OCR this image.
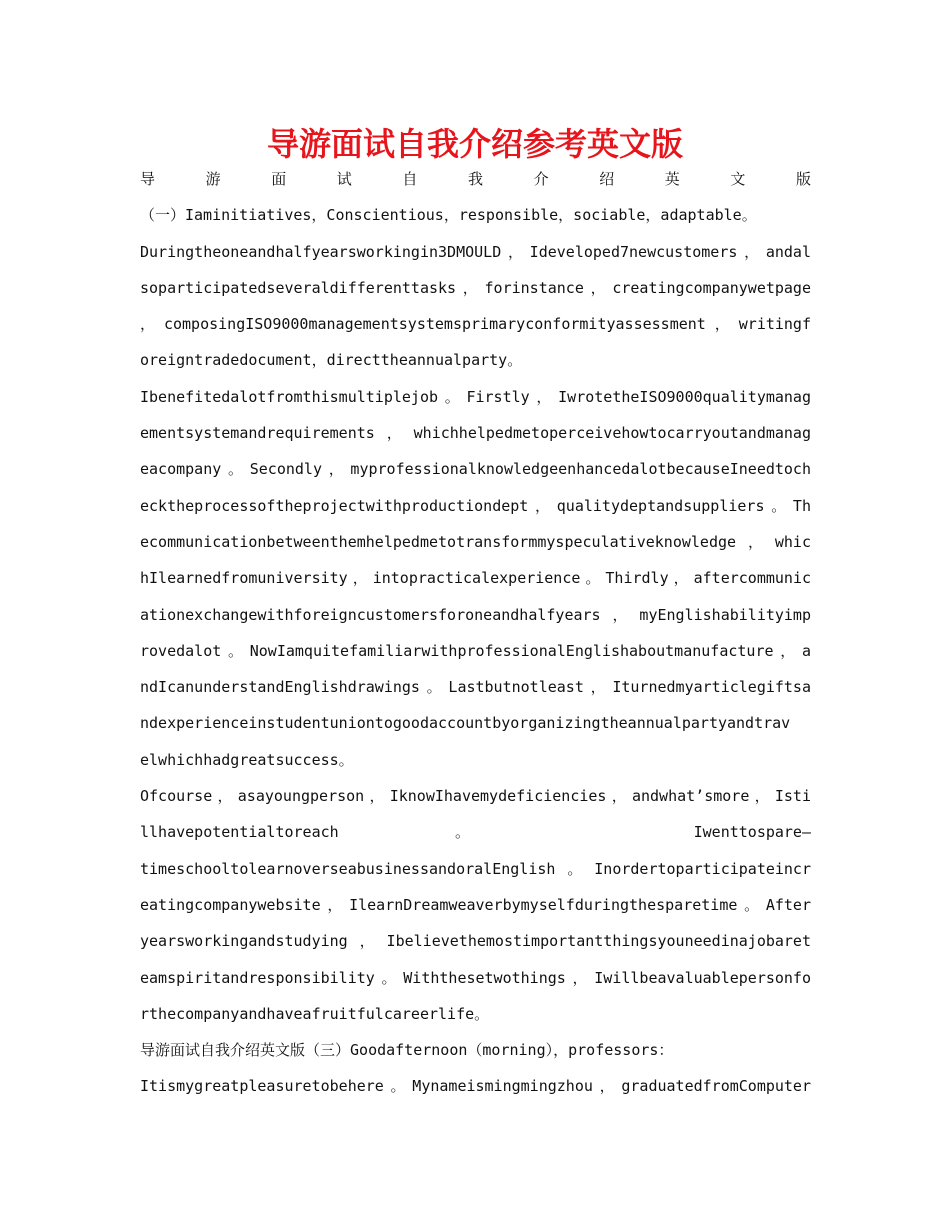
导游面试自我介绍参考英文版
导 游 面 试 自 我 介 绍 英 文 版
（一）Iaminitiatives，Conscientious，responsible，sociable，adaptable。
Duringtheoneandhalfyearsworkingin3DMOULD，Ideveloped7newcustomers，andal
soparticipatedseveraldifferenttasks，forinstance，creatingcompanywetpage
，composingISO9000managementsystemsprimaryconformityassessment，writingf
oreigntradedocument，directtheannualparty。
Ibenefitedalotfromthismultiplejob。Firstly，IwrotetheISO9000qualitymanag
ementsystemandrequirements，whichhelpedmetoperceivehowtocarryoutandmanag
eacompany。Secondly，myprofessionalknowledgeenhancedalotbecauseIneedtoch
ecktheprocessoftheprojectwithproductiondept，qualitydeptandsuppliers。Th
ecommunicationbetweenthemhelpedmetotransformmyspeculativeknowledge，whic
hIlearnedfromuniversity，intopracticalexperience。Thirdly，aftercommunic
ationexchangewithforeigncustomersforoneandhalfyears，myEnglishabilityimp
rovedalot。NowIamquitefamiliarwithprofessionalEnglishaboutmanufacture，a
ndIcanunderstandEnglishdrawings。Lastbutnotleast，Iturnedmyarticlegiftsa
ndexperienceinstudentuniontogoodaccountbyorganizingtheannualpartyandtrav
elwhichhadgreatsuccess。
Ofcourse，asayoungperson，IknowIhavemydeficiencies，andwhat’smore，Isti
llhavepotentialtoreach 。 Iwenttospare—
timeschooltolearnoverseabusinessandoralEnglish。Inordertoparticipateincr
eatingcompanywebsite，IlearnDreamweaverbymyselfduringthesparetime。After
yearsworkingandstudying，Ibelievethemostimportantthingsyouneedinajobaret
eamspiritandresponsibility。Withthesetwothings，Iwillbeavaluablepersonfo
rthecompanyandhaveafruitfulcareerlife。
导游面试自我介绍英文版（三）Goodafternoon（morning），professors：
Itismygreatpleasuretobehere。Mynameismingmingzhou，graduatedfromComputer
